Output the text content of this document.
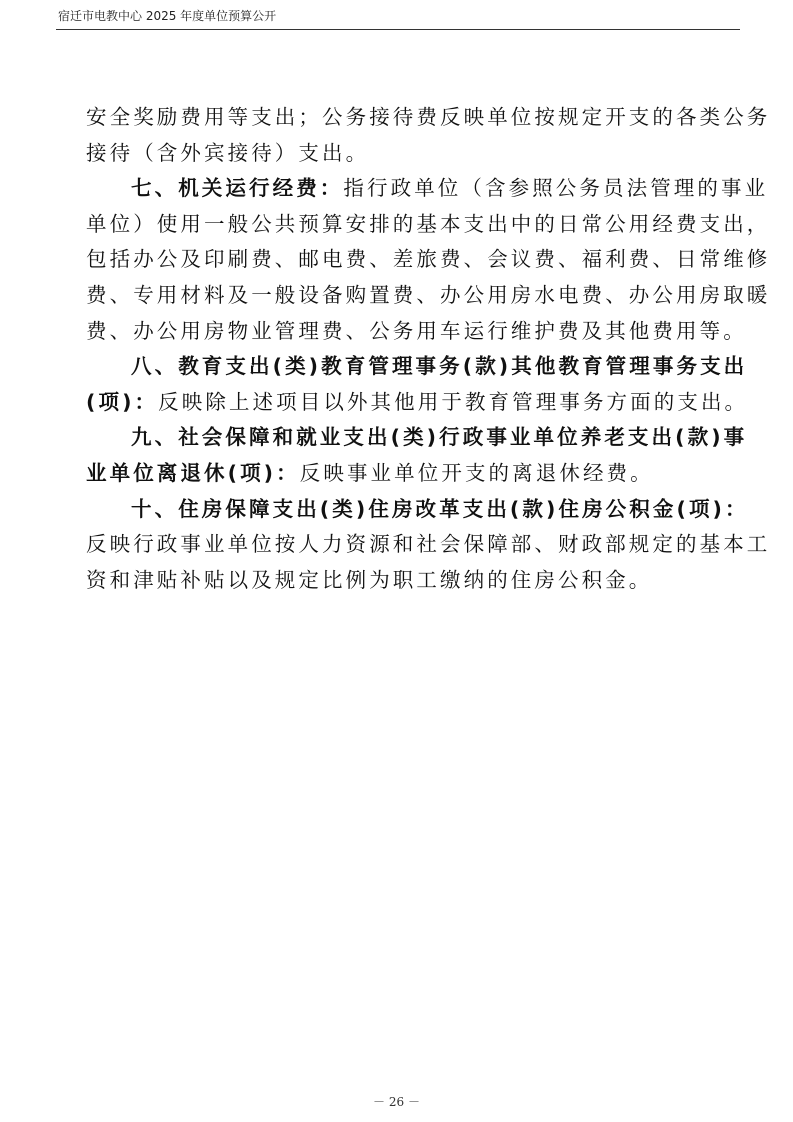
宿迁市电教中心 2025 年度单位预算公开
安全奖励费用等支出；公务接待费反映单位按规定开支的各类公务
接待（含外宾接待）支出。
七、机关运行经费：指行政单位（含参照公务员法管理的事业
单位）使用一般公共预算安排的基本支出中的日常公用经费支出，
包括办公及印刷费、邮电费、差旅费、会议费、福利费、日常维修
费、专用材料及一般设备购置费、办公用房水电费、办公用房取暖
费、办公用房物业管理费、公务用车运行维护费及其他费用等。
八、教育支出(类)教育管理事务(款)其他教育管理事务支出
(项)：反映除上述项目以外其他用于教育管理事务方面的支出。
九、社会保障和就业支出(类)行政事业单位养老支出(款)事
业单位离退休(项)：反映事业单位开支的离退休经费。
十、住房保障支出(类)住房改革支出(款)住房公积金(项)：
反映行政事业单位按人力资源和社会保障部、财政部规定的基本工
资和津贴补贴以及规定比例为职工缴纳的住房公积金。
－ 26 －
